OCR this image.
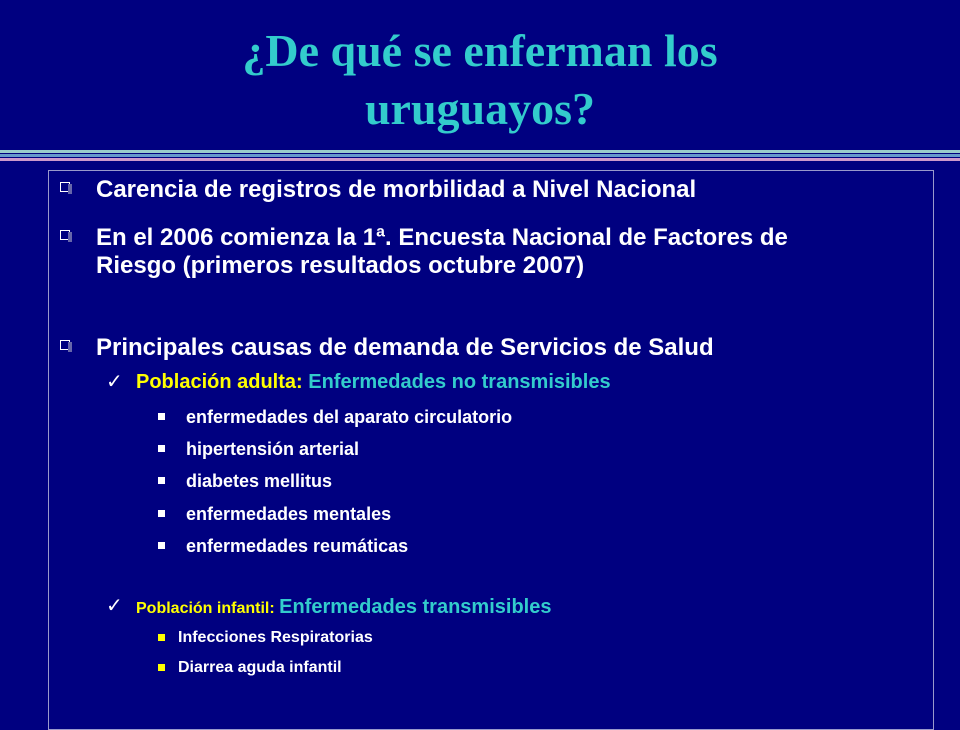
¿De qué se enferman los
uruguayos?
Carencia de registros de morbilidad a Nivel Nacional
En el 2006 comienza la 1ª. Encuesta Nacional de Factores de Riesgo (primeros resultados octubre 2007)
Principales causas de demanda de Servicios de Salud
✓ Población adulta: Enfermedades no transmisibles
enfermedades del aparato circulatorio
hipertensión arterial
diabetes mellitus
enfermedades mentales
enfermedades reumáticas
✓ Población infantil: Enfermedades transmisibles
Infecciones Respiratorias
Diarrea aguda infantil
